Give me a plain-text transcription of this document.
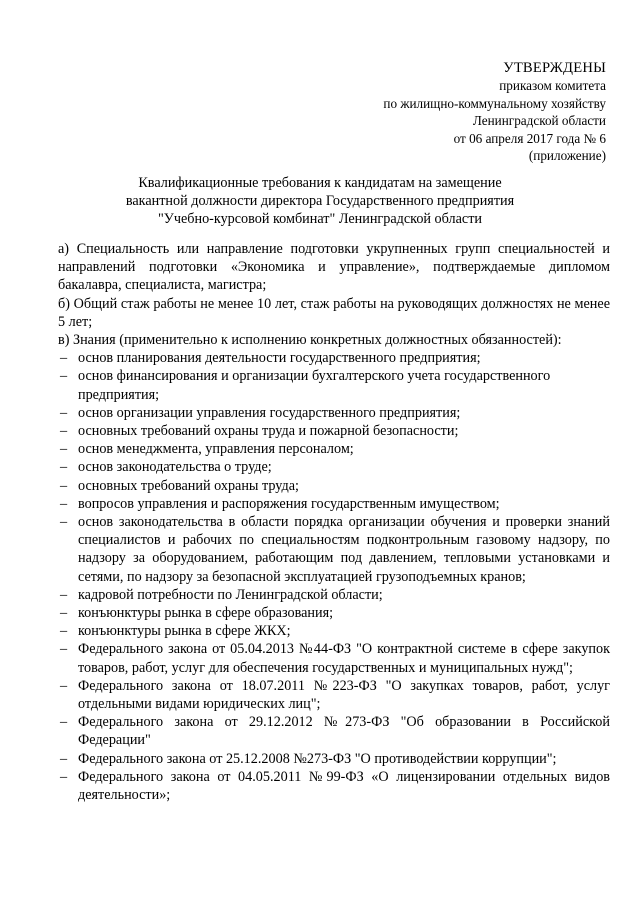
УТВЕРЖДЕНЫ
приказом комитета
по жилищно-коммунальному хозяйству
Ленинградской области
от 06 апреля 2017 года № 6
(приложение)
Квалификационные требования к кандидатам на замещение
вакантной должности директора Государственного предприятия
"Учебно-курсовой комбинат" Ленинградской области

а) Специальность или направление подготовки укрупненных групп специальностей и направлений подготовки «Экономика и управление», подтверждаемые дипломом бакалавра, специалиста, магистра;

б) Общий стаж работы не менее 10 лет, стаж работы на руководящих должностях не менее 5 лет;

в) Знания (применительно к исполнению конкретных должностных обязанностей):

– основ планирования деятельности государственного предприятия;
– основ финансирования и организации бухгалтерского учета государственного предприятия;
– основ организации управления государственного предприятия;
– основных требований охраны труда и пожарной безопасности;
– основ менеджмента, управления персоналом;
– основ законодательства о труде;
– основных требований охраны труда;
– вопросов управления и распоряжения государственным имуществом;
– основ законодательства в области порядка организации обучения и проверки знаний специалистов и рабочих по специальностям подконтрольным газовому надзору, по надзору за оборудованием, работающим под давлением, тепловыми установками и сетями, по надзору за безопасной эксплуатацией грузоподъемных кранов;
– кадровой потребности по Ленинградской области;
– конъюнктуры рынка в сфере образования;
– конъюнктуры рынка в сфере ЖКХ;
– Федерального закона от 05.04.2013 №44-ФЗ "О контрактной системе в сфере закупок товаров, работ, услуг для обеспечения государственных и муниципальных нужд";
– Федерального закона от 18.07.2011 №223-ФЗ "О закупках товаров, работ, услуг отдельными видами юридических лиц";
– Федерального закона от 29.12.2012 №273-ФЗ "Об образовании в Российской Федерации"
– Федерального закона от 25.12.2008 №273-ФЗ "О противодействии коррупции";
– Федерального закона от 04.05.2011 №99-ФЗ «О лицензировании отдельных видов деятельности»;
